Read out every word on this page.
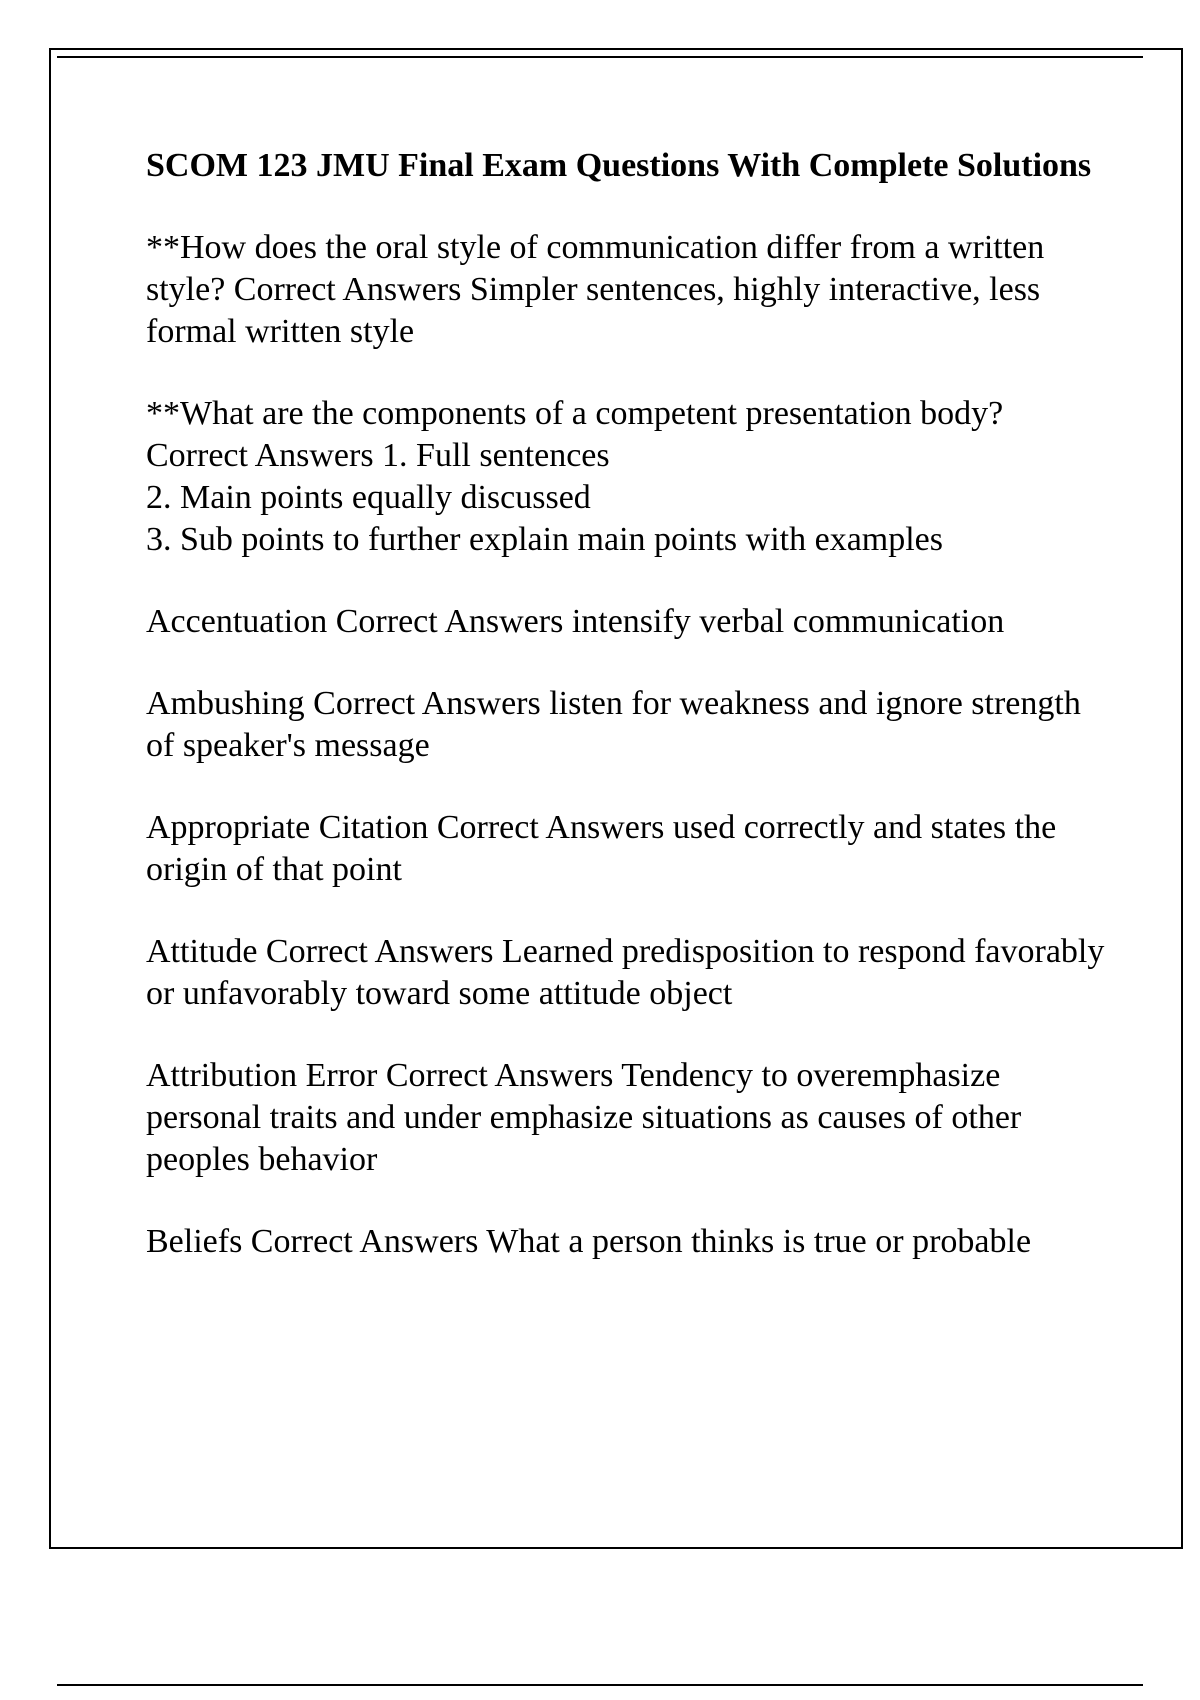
SCOM 123 JMU Final Exam Questions With Complete Solutions
**How does the oral style of communication differ from a written style? Correct Answers Simpler sentences, highly interactive, less formal written style
**What are the components of a competent presentation body? Correct Answers 1. Full sentences
2. Main points equally discussed
3. Sub points to further explain main points with examples
Accentuation Correct Answers intensify verbal communication
Ambushing Correct Answers listen for weakness and ignore strength of speaker's message
Appropriate Citation Correct Answers used correctly and states the origin of that point
Attitude Correct Answers Learned predisposition to respond favorably or unfavorably toward some attitude object
Attribution Error Correct Answers Tendency to overemphasize personal traits and under emphasize situations as causes of other peoples behavior
Beliefs Correct Answers What a person thinks is true or probable
